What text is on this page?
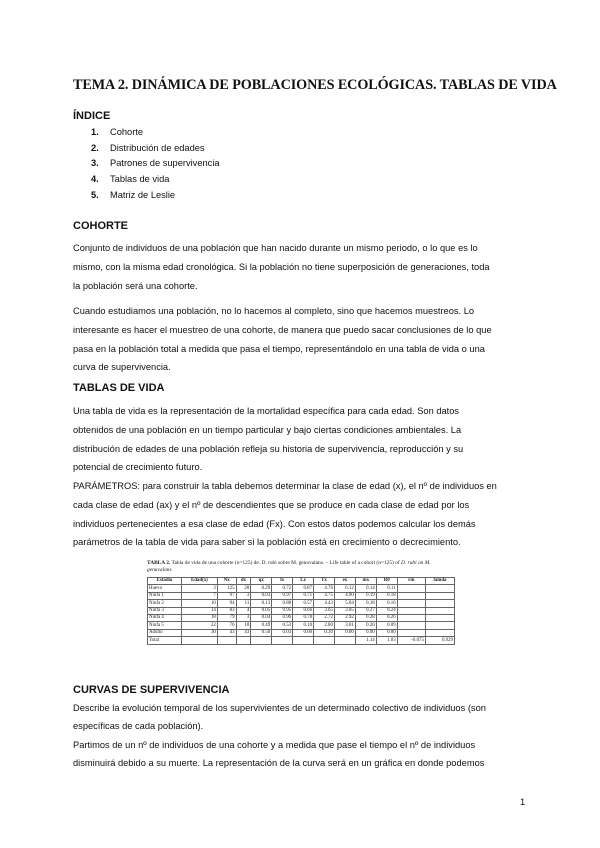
TEMA 2. DINÁMICA DE POBLACIONES ECOLÓGICAS. TABLAS DE VIDA
ÍNDICE
1. Cohorte
2. Distribución de edades
3. Patrones de supervivencia
4. Tablas de vida
5. Matriz de Leslie
COHORTE
Conjunto de individuos de una población que han nacido durante un mismo periodo, o lo que es lo
mismo, con la misma edad cronológica. Si la población no tiene superposición de generaciones, toda
la población será una cohorte.
Cuando estudiamos una población, no lo hacemos al completo, sino que hacemos muestreos. Lo
interesante es hacer el muestreo de una cohorte, de manera que puedo sacar conclusiones de lo que
pasa en la población total a medida que pasa el tiempo, representándolo en una tabla de vida o una
curva de supervivencia.
TABLAS DE VIDA
Una tabla de vida es la representación de la mortalidad específica para cada edad. Son datos
obtenidos de una población en un tiempo particular y bajo ciertas condiciones ambientales. La
distribución de edades de una población refleja su historia de supervivencia, reproducción y su
potencial de crecimiento futuro.
PARÁMETROS: para construir la tabla debemos determinar la clase de edad (x), el nº de individuos en
cada clase de edad (ax) y el nº de descendientes que se produce en cada clase de edad por los
individuos pertenecientes a esa clase de edad (Fx). Con estos datos podemos calcular los demás
parámetros de la tabla de vida para saber si la población está en crecimiento o decrecimiento.
TABLA 2. Tabla de vida de una cohorte (n=125) de. D. rubi sobre M. genuvalans. – Life table of a cohort (n=125) of D. rubi on M. genuvalans
Estadío	Edad(x)	Nx	dx	qx	lx	Lx	Tx	ex	mx	R0	rm	lamda
Huevo	3	125	28	0.29	0.72	0.87	4.76	6.12	0.14	0.11		
Ninfa 1	7	97	3	0.03	0.97	0.71	4.75	4.90	0.19	0.18		
Ninfa 2	10	94	11	0.13	0.88	0.57	4.43	5.04	0.18	0.16		
Ninfa 3	14	83	4	0.05	0.95	0.66	3.65	3.05	0.27	0.24		
Ninfa 4	18	79	3	0.04	0.96	0.78	2.72	2.92	0.28	0.26		
Ninfa 5	22	76	18	0.49	0.53	0.10	2.80	3.01	0.20	0.09		
Adulto	30	43	43	0.50	0.03	0.00	0.30	0.00	0.00	0.00		
Total									1.14	1.03	-0.075	0.929
CURVAS DE SUPERVIVENCIA
Describe la evolución temporal de los supervivientes de un determinado colectivo de individuos (son
específicas de cada población).
Partimos de un nº de individuos de una cohorte y a medida que pase el tiempo el nº de individuos
disminuirá debido a su muerte. La representación de la curva será en un gráfica en donde podemos
1
